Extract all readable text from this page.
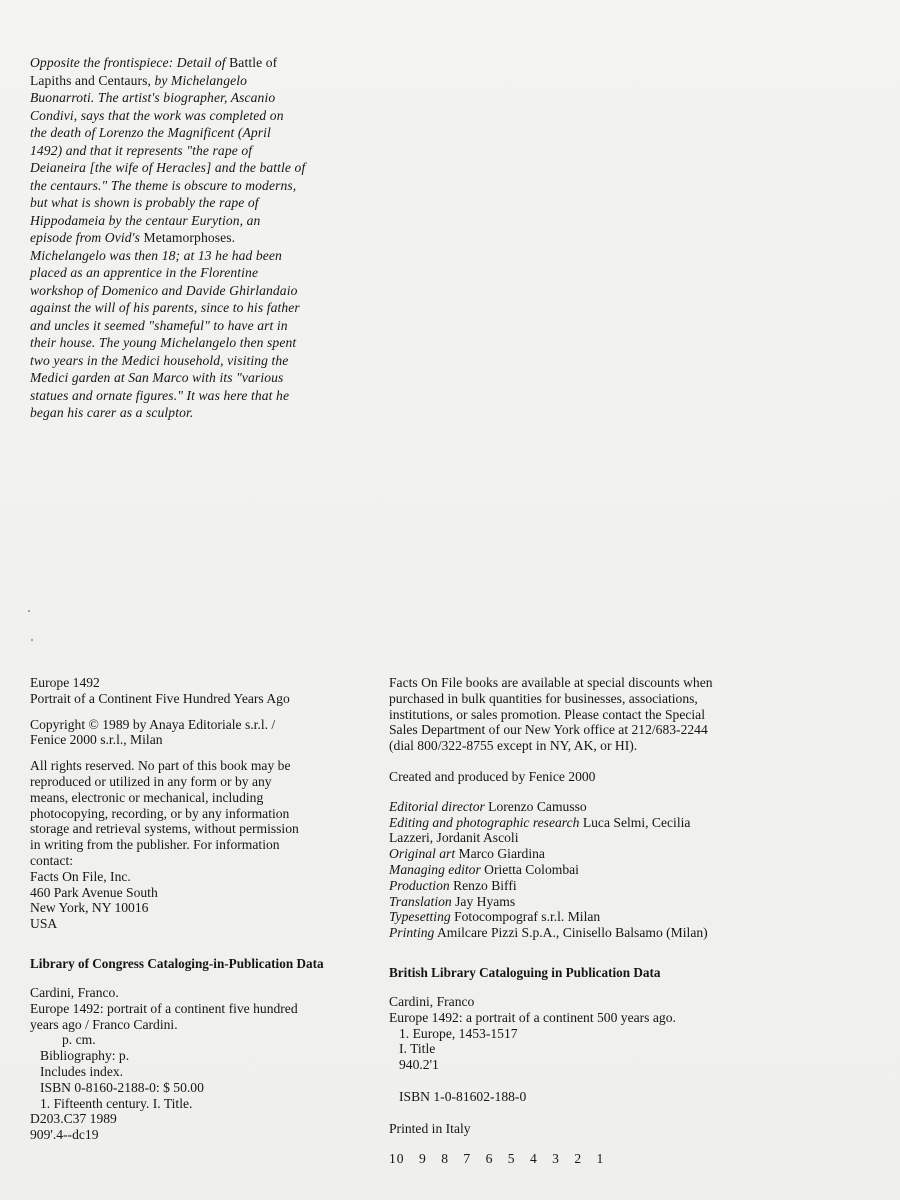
Opposite the frontispiece: Detail of Battle of
Lapiths and Centaurs, by Michelangelo
Buonarroti. The artist's biographer, Ascanio
Condivi, says that the work was completed on
the death of Lorenzo the Magnificent (April
1492) and that it represents "the rape of
Deianeira [the wife of Heracles] and the battle of
the centaurs." The theme is obscure to moderns,
but what is shown is probably the rape of
Hippodameia by the centaur Eurytion, an
episode from Ovid's Metamorphoses.
Michelangelo was then 18; at 13 he had been
placed as an apprentice in the Florentine
workshop of Domenico and Davide Ghirlandaio
against the will of his parents, since to his father
and uncles it seemed "shameful" to have art in
their house. The young Michelangelo then spent
two years in the Medici household, visiting the
Medici garden at San Marco with its "various
statues and ornate figures." It was here that he
began his carer as a sculptor.
Europe 1492
Portrait of a Continent Five Hundred Years Ago
Copyright © 1989 by Anaya Editoriale s.r.l. /
Fenice 2000 s.r.l., Milan
All rights reserved. No part of this book may be
reproduced or utilized in any form or by any
means, electronic or mechanical, including
photocopying, recording, or by any information
storage and retrieval systems, without permission
in writing from the publisher. For information
contact:
Facts On File, Inc.
460 Park Avenue South
New York, NY 10016
USA
Library of Congress Cataloging-in-Publication Data
Cardini, Franco.
Europe 1492: portrait of a continent five hundred
years ago / Franco Cardini.
p. cm.
Bibliography: p.
Includes index.
ISBN 0-8160-2188-0: $ 50.00
1. Fifteenth century. I. Title.
D203.C37 1989
909'.4--dc19
Facts On File books are available at special discounts when
purchased in bulk quantities for businesses, associations,
institutions, or sales promotion. Please contact the Special
Sales Department of our New York office at 212/683-2244
(dial 800/322-8755 except in NY, AK, or HI).
Created and produced by Fenice 2000
Editorial director Lorenzo Camusso
Editing and photographic research Luca Selmi, Cecilia
Lazzeri, Jordanit Ascoli
Original art Marco Giardina
Managing editor Orietta Colombai
Production Renzo Biffi
Translation Jay Hyams
Typesetting Fotocompograf s.r.l. Milan
Printing Amilcare Pizzi S.p.A., Cinisello Balsamo (Milan)
British Library Cataloguing in Publication Data
Cardini, Franco
Europe 1492: a portrait of a continent 500 years ago.
1. Europe, 1453-1517
I. Title
940.2'1
ISBN 1-0-81602-188-0
Printed in Italy
10 9 8 7 6 5 4 3 2 1
